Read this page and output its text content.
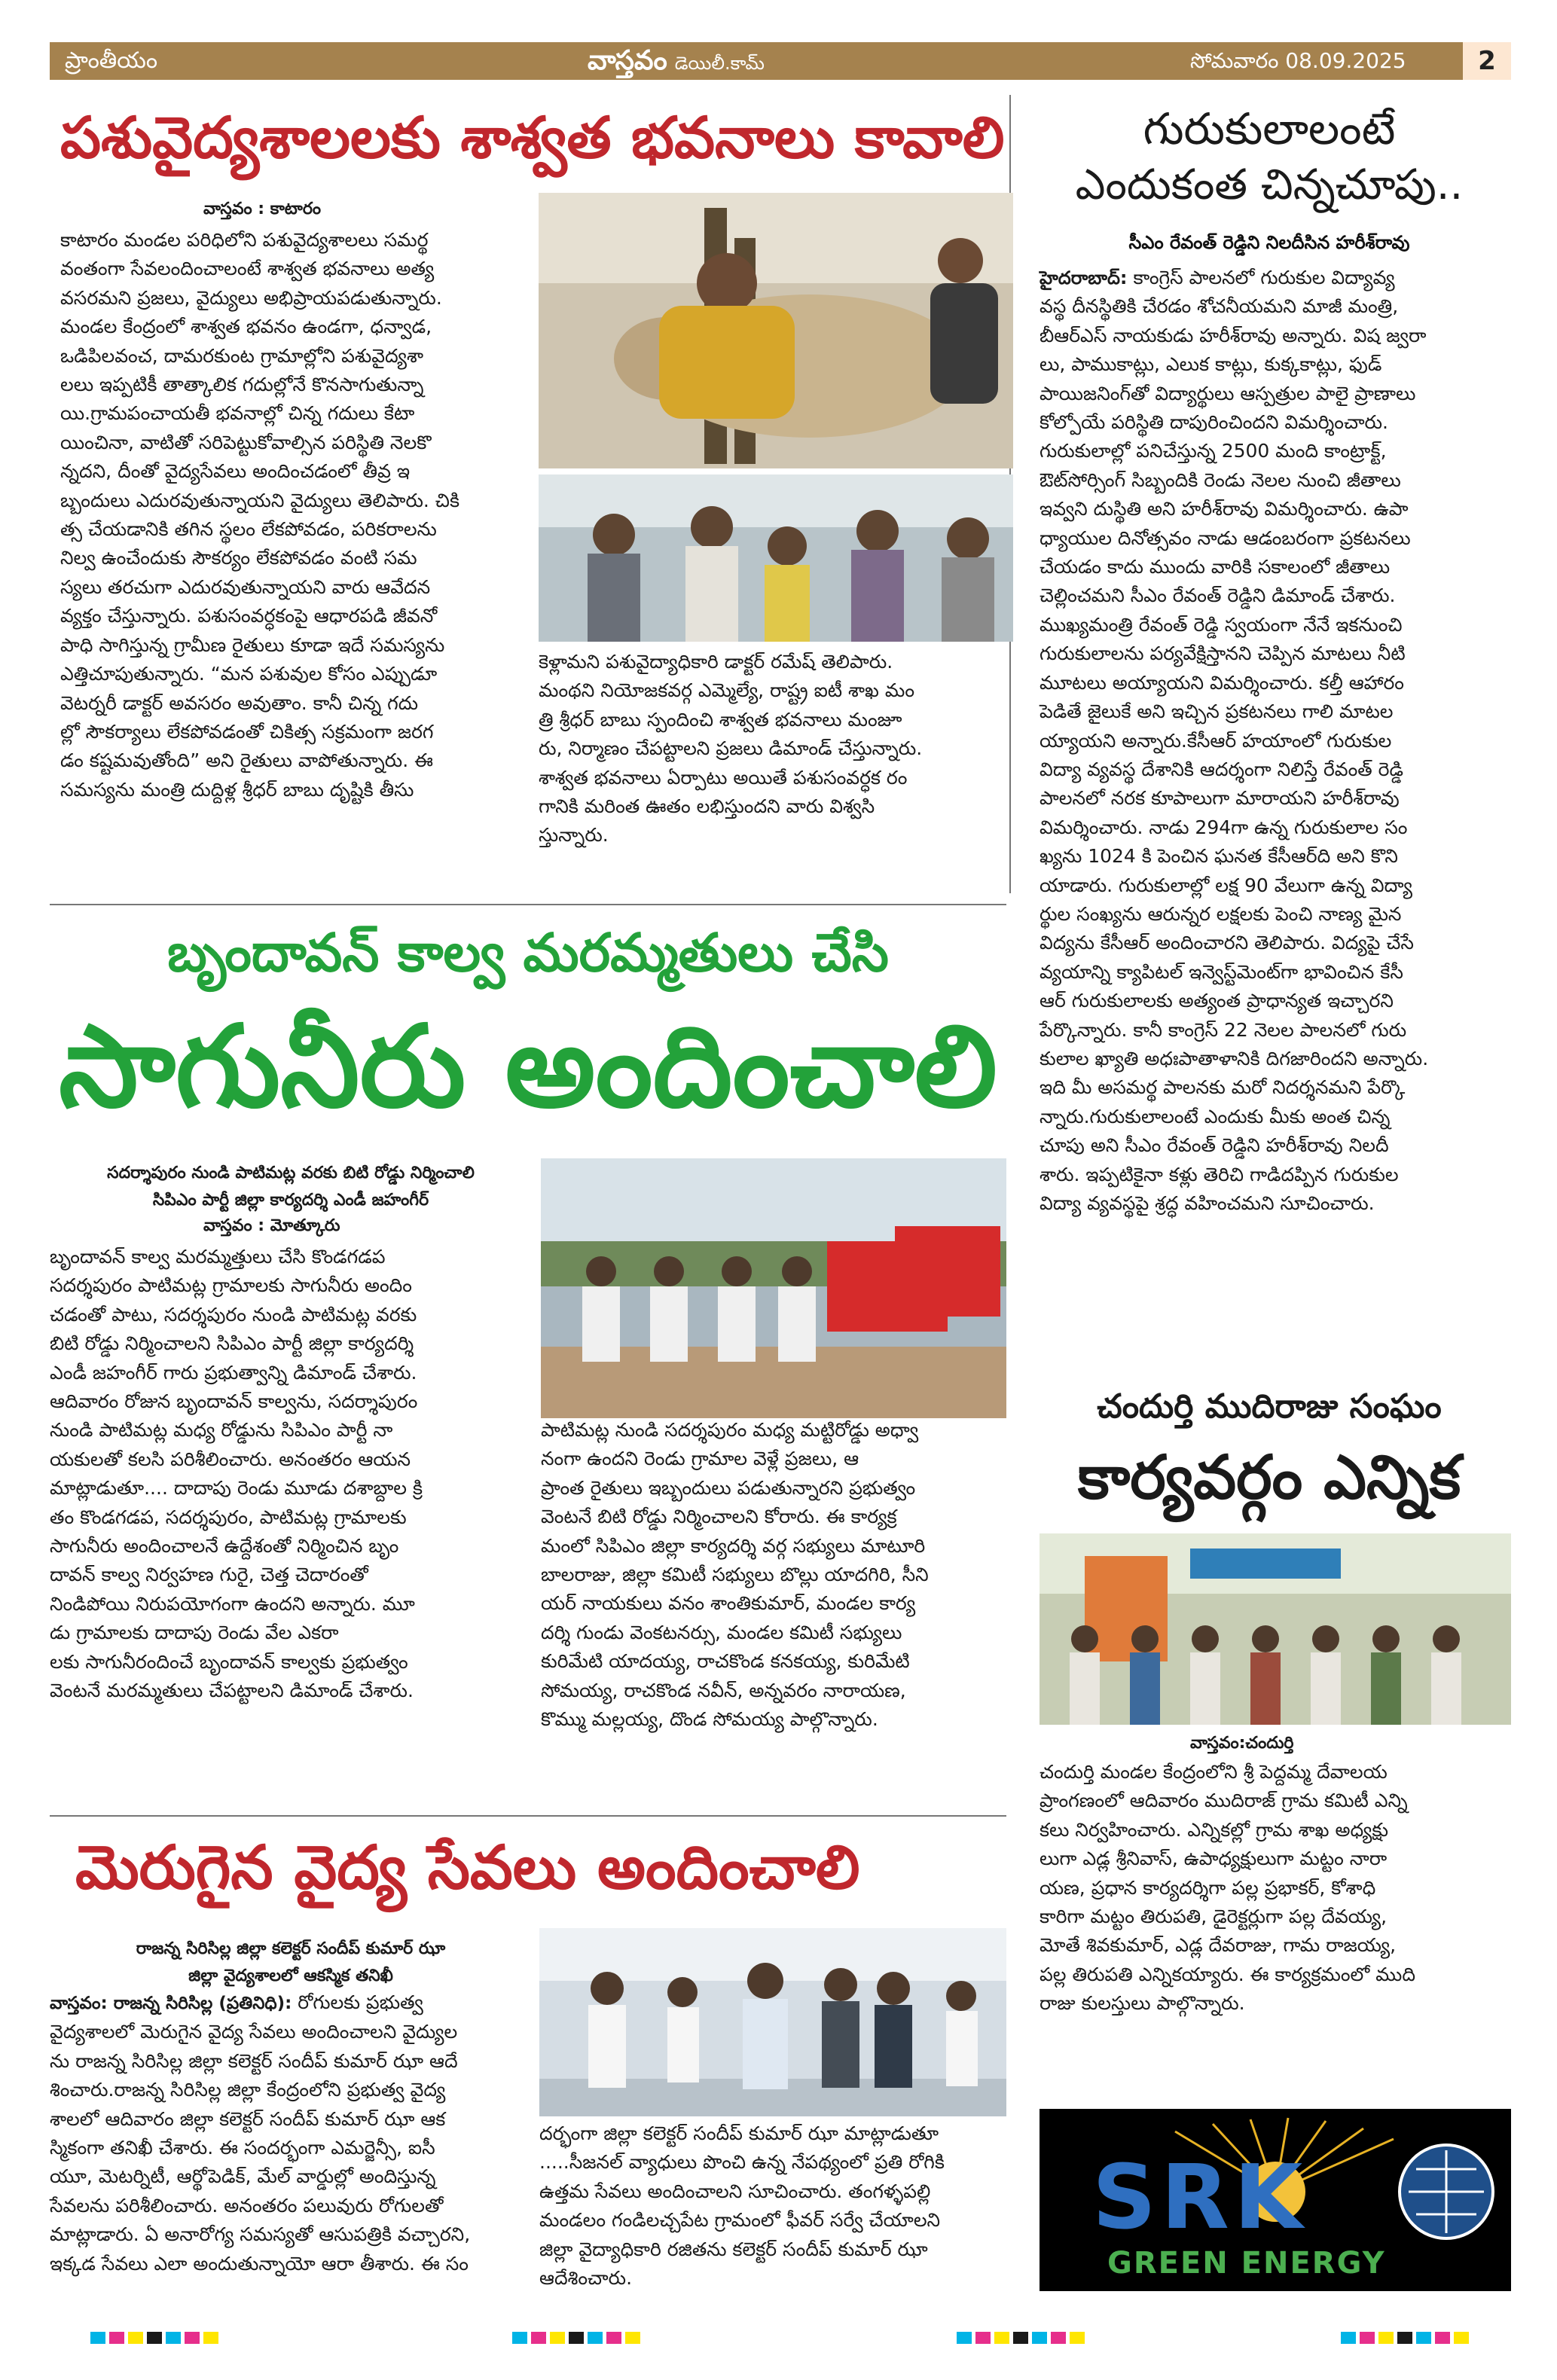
ప్రాంతీయం	వాస్తవం డెయిలీ.కామ్	సోమవారం 08.09.2025	2
పశువైద్యశాలలకు శాశ్వత భవనాలు కావాలి
వాస్తవం : కాటారం
కాటారం మండల పరిధిలోని పశువైద్యశాలలు సమర్థ
వంతంగా సేవలందించాలంటే శాశ్వత భవనాలు అత్య
వసరమని ప్రజలు, వైద్యులు అభిప్రాయపడుతున్నారు.
మండల కేంద్రంలో శాశ్వత భవనం ఉండగా, ధన్వాడ,
ఒడిపిలవంచ, దామరకుంట గ్రామాల్లోని పశువైద్యశా
లలు ఇప్పటికీ తాత్కాలిక గదుల్లోనే కొనసాగుతున్నా
యి.గ్రామపంచాయతీ భవనాల్లో చిన్న గదులు కేటా
యించినా, వాటితో సరిపెట్టుకోవాల్సిన పరిస్థితి నెలకొ
న్నదని, దీంతో వైద్యసేవలు అందించడంలో తీవ్ర ఇ
బ్బందులు ఎదురవుతున్నాయని వైద్యులు తెలిపారు. చికి
త్స చేయడానికి తగిన స్థలం లేకపోవడం, పరికరాలను
నిల్వ ఉంచేందుకు సౌకర్యం లేకపోవడం వంటి సమ
స్యలు తరచుగా ఎదురవుతున్నాయని వారు ఆవేదన
వ్యక్తం చేస్తున్నారు. పశుసంవర్ధకంపై ఆధారపడి జీవనో
పాధి సాగిస్తున్న గ్రామీణ రైతులు కూడా ఇదే సమస్యను
ఎత్తిచూపుతున్నారు. “మన పశువుల కోసం ఎప్పుడూ
వెటర్నరీ డాక్టర్ అవసరం అవుతాం. కానీ చిన్న గదు
ల్లో సౌకర్యాలు లేకపోవడంతో చికిత్స సక్రమంగా జరగ
డం కష్టమవుతోంది” అని రైతులు వాపోతున్నారు. ఈ
సమస్యను మంత్రి దుద్దిళ్ల శ్రీధర్ బాబు దృష్టికి తీసు
కెళ్లామని పశువైద్యాధికారి డాక్టర్ రమేష్ తెలిపారు.
మంథని నియోజకవర్గ ఎమ్మెల్యే, రాష్ట్ర ఐటీ శాఖ మం
త్రి శ్రీధర్ బాబు స్పందించి శాశ్వత భవనాలు మంజూ
రు, నిర్మాణం చేపట్టాలని ప్రజలు డిమాండ్ చేస్తున్నారు.
శాశ్వత భవనాలు ఏర్పాటు అయితే పశుసంవర్ధక రం
గానికి మరింత ఊతం లభిస్తుందని వారు విశ్వసి
స్తున్నారు.
గురుకులాలంటే
ఎందుకంత చిన్నచూపు..
సీఎం రేవంత్ రెడ్డిని నిలదీసిన హరీశ్‌రావు
హైదరాబాద్: కాంగ్రెస్ పాలనలో గురుకుల విద్యావ్య
వస్థ దీనస్థితికి చేరడం శోచనీయమని మాజీ మంత్రి,
బీఆర్ఎస్ నాయకుడు హరీశ్‌రావు అన్నారు. విష జ్వరా
లు, పాముకాట్లు, ఎలుక కాట్లు, కుక్కకాట్లు, ఫుడ్
పాయిజనింగ్‌తో విద్యార్థులు ఆస్పత్రుల పాలై ప్రాణాలు
కోల్పోయే పరిస్థితి దాపురించిందని విమర్శించారు.
గురుకులాల్లో పనిచేస్తున్న 2500 మంది కాంట్రాక్ట్,
ఔట్‌సోర్సింగ్ సిబ్బందికి రెండు నెలల నుంచి జీతాలు
ఇవ్వని దుస్థితి అని హరీశ్‌రావు విమర్శించారు. ఉపా
ధ్యాయుల దినోత్సవం నాడు ఆడంబరంగా ప్రకటనలు
చేయడం కాదు ముందు వారికి సకాలంలో జీతాలు
చెల్లించమని సీఎం రేవంత్ రెడ్డిని డిమాండ్ చేశారు.
ముఖ్యమంత్రి రేవంత్ రెడ్డి స్వయంగా నేనే ఇకనుంచి
గురుకులాలను పర్యవేక్షిస్తానని చెప్పిన మాటలు నీటి
మూటలు అయ్యాయని విమర్శించారు. కల్తీ ఆహారం
పెడితే జైలుకే అని ఇచ్చిన ప్రకటనలు గాలి మాటల
య్యాయని అన్నారు.కేసీఆర్ హయాంలో గురుకుల
విద్యా వ్యవస్థ దేశానికి ఆదర్శంగా నిలిస్తే రేవంత్ రెడ్డి
పాలనలో నరక కూపాలుగా మారాయని హరీశ్‌రావు
విమర్శించారు. నాడు 294గా ఉన్న గురుకులాల సం
ఖ్యను 1024 కి పెంచిన ఘనత కేసీఆర్‌ది అని కొని
యాడారు. గురుకులాల్లో లక్ష 90 వేలుగా ఉన్న విద్యా
ర్థుల సంఖ్యను ఆరున్నర లక్షలకు పెంచి నాణ్య మైన
విద్యను కేసీఆర్ అందించారని తెలిపారు. విద్యపై చేసే
వ్యయాన్ని క్యాపిటల్ ఇన్వెస్ట్‌మెంట్‌గా భావించిన కేసీ
ఆర్ గురుకులాలకు అత్యంత ప్రాధాన్యత ఇచ్చారని
పేర్కొన్నారు. కానీ కాంగ్రెస్ 22 నెలల పాలనలో గురు
కులాల ఖ్యాతి అధఃపాతాళానికి దిగజారిందని అన్నారు.
ఇది మీ అసమర్థ పాలనకు మరో నిదర్శనమని పేర్కొ
న్నారు.గురుకులాలంటే ఎందుకు మీకు అంత చిన్న
చూపు అని సీఎం రేవంత్ రెడ్డిని హరీశ్‌రావు నిలదీ
శారు. ఇప్పటికైనా కళ్లు తెరిచి గాడిదప్పిన గురుకుల
విద్యా వ్యవస్థపై శ్రద్ధ వహించమని సూచించారు.
బృందావన్ కాల్వ మరమ్మతులు చేసి
సాగునీరు అందించాలి
సదర్శాపురం నుండి పాటిమట్ల వరకు బిటి రోడ్డు నిర్మించాలి
సిపిఎం పార్టీ జిల్లా కార్యదర్శి ఎండీ జహంగీర్
వాస్తవం : మోత్కూరు
బృందావన్ కాల్వ మరమ్మత్తులు చేసి కొండగడప
సదర్శపురం పాటిమట్ల గ్రామాలకు సాగునీరు అందిం
చడంతో పాటు, సదర్శపురం నుండి పాటిమట్ల వరకు
బిటి రోడ్డు నిర్మించాలని సిపిఎం పార్టీ జిల్లా కార్యదర్శి
ఎండీ జహంగీర్ గారు ప్రభుత్వాన్ని డిమాండ్ చేశారు.
ఆదివారం రోజున బృందావన్ కాల్వను, సదర్శాపురం
నుండి పాటిమట్ల మధ్య రోడ్డును సిపిఎం పార్టీ నా
యకులతో కలసి పరిశీలించారు. అనంతరం ఆయన
మాట్లాడుతూ.... దాదాపు రెండు మూడు దశాబ్దాల క్రి
తం కొండగడప, సదర్శపురం, పాటిమట్ల గ్రామాలకు
సాగునీరు అందించాలనే ఉద్దేశంతో నిర్మించిన బృం
దావన్ కాల్వ నిర్వహణ గురై, చెత్త చెదారంతో
నిండిపోయి నిరుపయోగంగా ఉందని అన్నారు. మూ
డు గ్రామాలకు దాదాపు రెండు వేల ఎకరా
లకు సాగునీరందించే బృందావన్ కాల్వకు ప్రభుత్వం
వెంటనే మరమ్మతులు చేపట్టాలని డిమాండ్ చేశారు.
పాటిమట్ల నుండి సదర్శపురం మధ్య మట్టిరోడ్డు అధ్వా
నంగా ఉందని రెండు గ్రామాల వెళ్లే ప్రజలు, ఆ
ప్రాంత రైతులు ఇబ్బందులు పడుతున్నారని ప్రభుత్వం
వెంటనే బిటి రోడ్డు నిర్మించాలని కోరారు. ఈ కార్యక్ర
మంలో సిపిఎం జిల్లా కార్యదర్శి వర్గ సభ్యులు మాటూరి
బాలరాజు, జిల్లా కమిటీ సభ్యులు బొల్లు యాదగిరి, సీని
యర్ నాయకులు వనం శాంతికుమార్, మండల కార్య
దర్శి గుండు వెంకటనర్సు, మండల కమిటీ సభ్యులు
కురిమేటి యాదయ్య, రాచకొండ కనకయ్య, కురిమేటి
సోమయ్య, రాచకొండ నవీన్, అన్నవరం నారాయణ,
కొమ్ము మల్లయ్య, దొండ సోమయ్య పాల్గొన్నారు.
చందుర్తి ముదిరాజు సంఘం
కార్యవర్గం ఎన్నిక
వాస్తవం:చందుర్తి
చందుర్తి మండల కేంద్రంలోని శ్రీ పెద్దమ్మ దేవాలయ
ప్రాంగణంలో ఆదివారం ముదిరాజ్ గ్రామ కమిటీ ఎన్ని
కలు నిర్వహించారు. ఎన్నికల్లో గ్రామ శాఖ అధ్యక్షు
లుగా ఎడ్ల శ్రీనివాస్, ఉపాధ్యక్షులుగా మట్టం నారా
యణ, ప్రధాన కార్యదర్శిగా పల్ల ప్రభాకర్, కోశాధి
కారిగా మట్టం తిరుపతి, డైరెక్టర్లుగా పల్ల దేవయ్య,
మోతే శివకుమార్, ఎడ్ల దేవరాజు, గామ రాజయ్య,
పల్ల తిరుపతి ఎన్నికయ్యారు. ఈ కార్యక్రమంలో ముది
రాజు కులస్తులు పాల్గొన్నారు.
మెరుగైన వైద్య సేవలు అందించాలి
రాజన్న సిరిసిల్ల జిల్లా కలెక్టర్ సందీప్ కుమార్ ఝా
జిల్లా వైద్యశాలలో ఆకస్మిక తనిఖీ
వాస్తవం: రాజన్న సిరిసిల్ల (ప్రతినిధి): రోగులకు ప్రభుత్వ
వైద్యశాలలో మెరుగైన వైద్య సేవలు అందించాలని వైద్యుల
ను రాజన్న సిరిసిల్ల జిల్లా కలెక్టర్ సందీప్ కుమార్ ఝా ఆదే
శించారు.రాజన్న సిరిసిల్ల జిల్లా కేంద్రంలోని ప్రభుత్వ వైద్య
శాలలో ఆదివారం జిల్లా కలెక్టర్ సందీప్ కుమార్ ఝా ఆక
స్మికంగా తనిఖీ చేశారు. ఈ సందర్భంగా ఎమర్జెన్సీ, ఐసీ
యూ, మెటర్నిటీ, ఆర్థోపెడిక్, మేల్ వార్డుల్లో అందిస్తున్న
సేవలను పరిశీలించారు. అనంతరం పలువురు రోగులతో
మాట్లాడారు. ఏ అనారోగ్య సమస్యతో ఆసుపత్రికి వచ్చారని,
ఇక్కడ సేవలు ఎలా అందుతున్నాయో ఆరా తీశారు. ఈ సం
దర్భంగా జిల్లా కలెక్టర్ సందీప్ కుమార్ ఝా మాట్లాడుతూ
.....సీజనల్ వ్యాధులు పొంచి ఉన్న నేపథ్యంలో ప్రతి రోగికి
ఉత్తమ సేవలు అందించాలని సూచించారు. తంగళ్ళపల్లి
మండలం గండిలచ్చపేట గ్రామంలో ఫీవర్ సర్వే చేయాలని
జిల్లా వైద్యాధికారి రజితను కలెక్టర్ సందీప్ కుమార్ ఝా
ఆదేశించారు.
SRK
GREEN ENERGY
